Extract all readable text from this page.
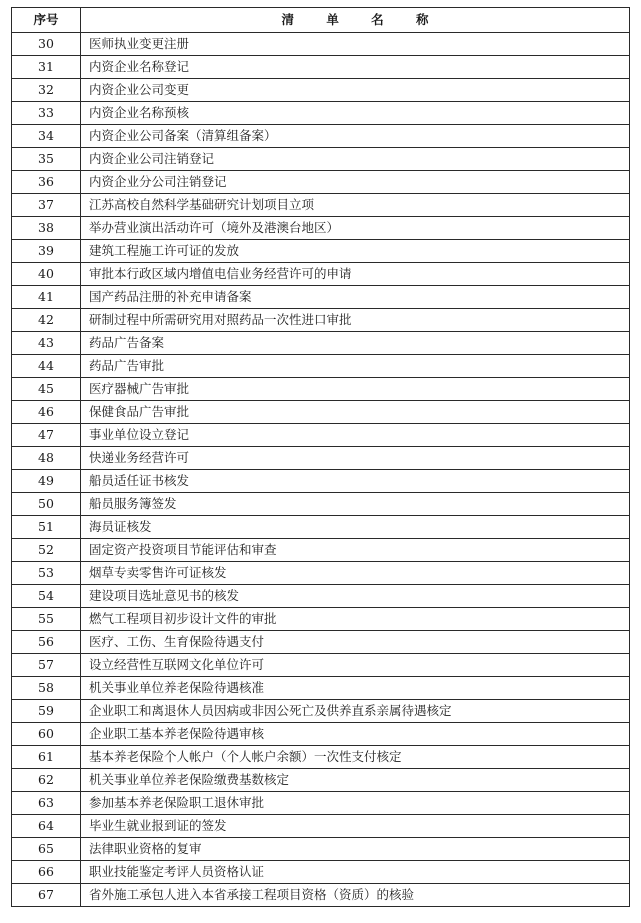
序号	清 单 名 称
30	医师执业变更注册
31	内资企业名称登记
32	内资企业公司变更
33	内资企业名称预核
34	内资企业公司备案（清算组备案）
35	内资企业公司注销登记
36	内资企业分公司注销登记
37	江苏高校自然科学基础研究计划项目立项
38	举办营业演出活动许可（境外及港澳台地区）
39	建筑工程施工许可证的发放
40	审批本行政区域内增值电信业务经营许可的申请
41	国产药品注册的补充申请备案
42	研制过程中所需研究用对照药品一次性进口审批
43	药品广告备案
44	药品广告审批
45	医疗器械广告审批
46	保健食品广告审批
47	事业单位设立登记
48	快递业务经营许可
49	船员适任证书核发
50	船员服务簿签发
51	海员证核发
52	固定资产投资项目节能评估和审查
53	烟草专卖零售许可证核发
54	建设项目选址意见书的核发
55	燃气工程项目初步设计文件的审批
56	医疗、工伤、生育保险待遇支付
57	设立经营性互联网文化单位许可
58	机关事业单位养老保险待遇核准
59	企业职工和离退休人员因病或非因公死亡及供养直系亲属待遇核定
60	企业职工基本养老保险待遇审核
61	基本养老保险个人帐户（个人帐户余额）一次性支付核定
62	机关事业单位养老保险缴费基数核定
63	参加基本养老保险职工退休审批
64	毕业生就业报到证的签发
65	法律职业资格的复审
66	职业技能鉴定考评人员资格认证
67	省外施工承包人进入本省承接工程项目资格（资质）的核验
